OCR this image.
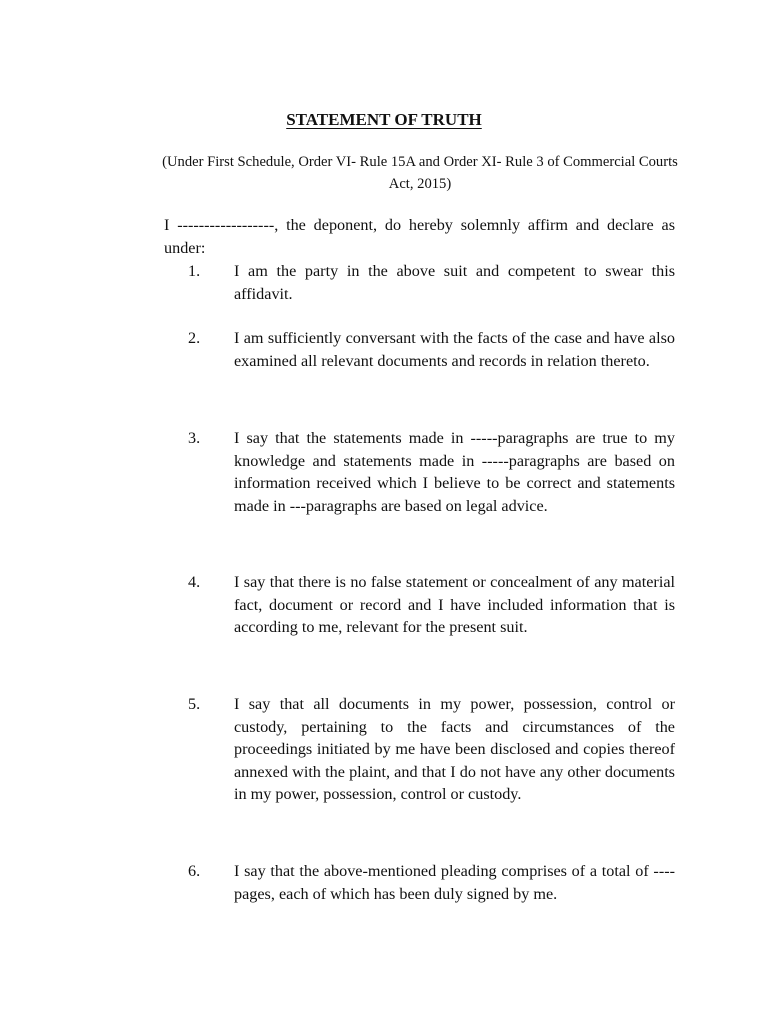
STATEMENT OF TRUTH

(Under First Schedule, Order VI- Rule 15A and Order XI- Rule 3 of Commercial Courts Act, 2015)

I ------------------, the deponent, do hereby solemnly affirm and declare as under:

1.	I am the party in the above suit and competent to swear this affidavit.
2.	I am sufficiently conversant with the facts of the case and have also examined all relevant documents and records in relation thereto.
3.	I say that the statements made in -----paragraphs are true to my knowledge and statements made in -----paragraphs are based on information received which I believe to be correct and statements made in ---paragraphs are based on legal advice.
4.	I say that there is no false statement or concealment of any material fact, document or record and I have included information that is according to me, relevant for the present suit.
5.	I say that all documents in my power, possession, control or custody, pertaining to the facts and circumstances of the proceedings initiated by me have been disclosed and copies thereof annexed with the plaint, and that I do not have any other documents in my power, possession, control or custody.
6.	I say that the above-mentioned pleading comprises of a total of ---- pages, each of which has been duly signed by me.
